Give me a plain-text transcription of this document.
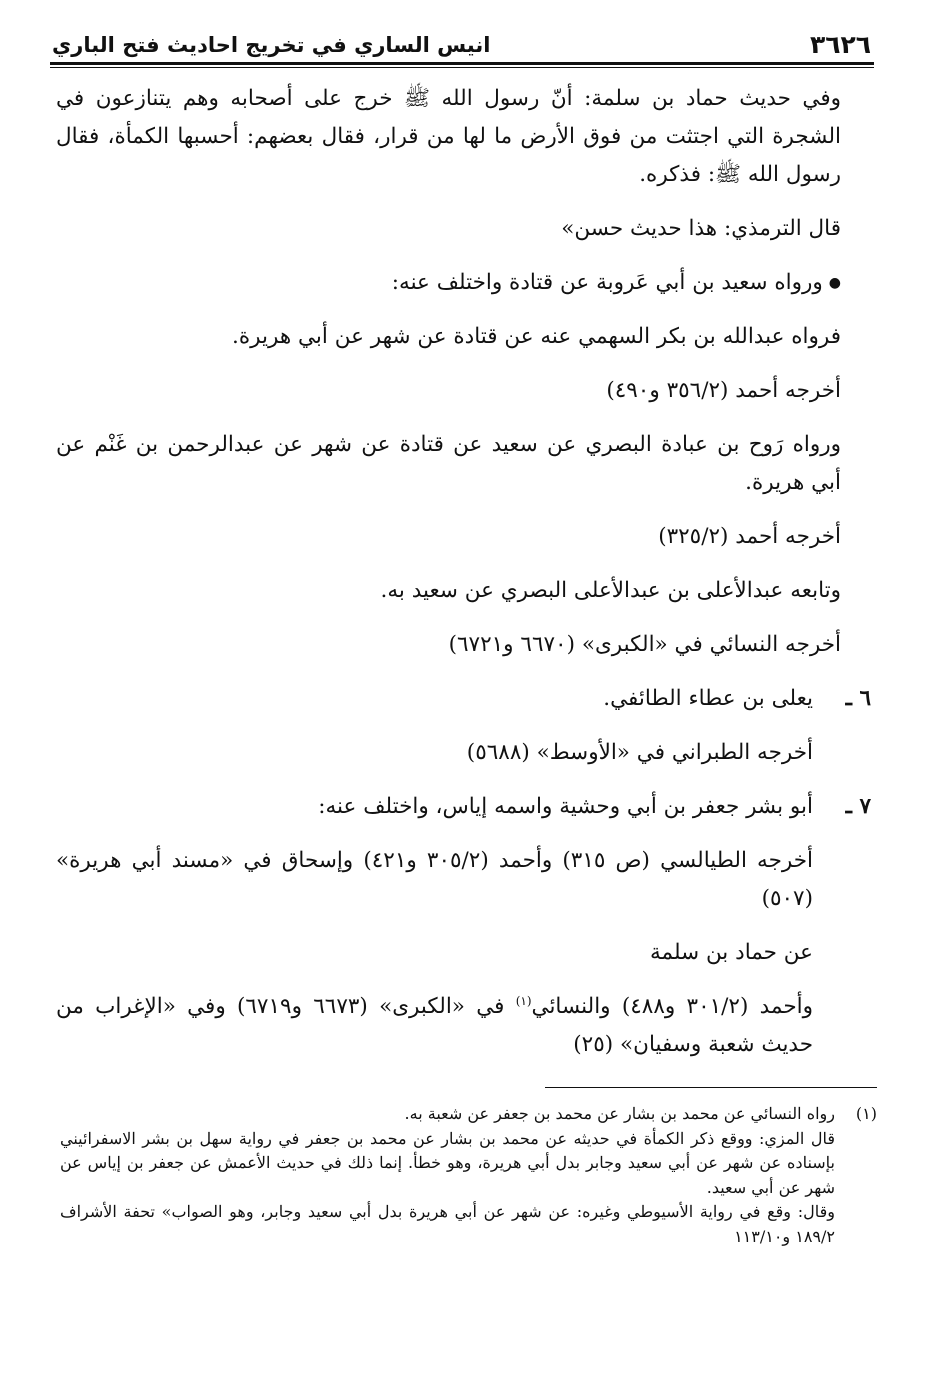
٣٦٢٦
انيس الساري في تخريج احاديث فتح الباري

وفي حديث حماد بن سلمة: أنّ رسول الله ﷺ خرج على أصحابه وهم يتنازعون في الشجرة التي اجتثت من فوق الأرض ما لها من قرار، فقال بعضهم: أحسبها الكمأة، فقال رسول الله ﷺ: فذكره.

قال الترمذي: هذا حديث حسن»

●ورواه سعيد بن أبي عَروبة عن قتادة واختلف عنه:

فرواه عبدالله بن بكر السهمي عنه عن قتادة عن شهر عن أبي هريرة.

أخرجه أحمد (٣٥٦/٢ و٤٩٠)

ورواه رَوح بن عبادة البصري عن سعيد عن قتادة عن شهر عن عبدالرحمن بن غَنْم عن أبي هريرة.

أخرجه أحمد (٣٢٥/٢)

وتابعه عبدالأعلى بن عبدالأعلى البصري عن سعيد به.

أخرجه النسائي في «الكبرى» (٦٦٧٠ و٦٧٢١)

٦ ـ
يعلى بن عطاء الطائفي.

أخرجه الطبراني في «الأوسط» (٥٦٨٨)

٧ ـ
أبو بشر جعفر بن أبي وحشية واسمه إياس، واختلف عنه:

أخرجه الطيالسي (ص ٣١٥) وأحمد (٣٠٥/٢ و٤٢١) وإسحاق في «مسند أبي هريرة» (٥٠٧)

عن حماد بن سلمة

وأحمد (٣٠١/٢ و٤٨٨) والنسائي$^{(١)}$ في «الكبرى» (٦٦٧٣ و٦٧١٩) وفي «الإغراب من حديث شعبة وسفيان» (٢٥)

(١)
رواه النسائي عن محمد بن بشار عن محمد بن جعفر عن شعبة به.

قال المزي: ووقع ذكر الكمأة في حديثه عن محمد بن بشار عن محمد بن جعفر في رواية سهل بن بشر الاسفرائيني بإسناده عن شهر عن أبي سعيد وجابر بدل أبي هريرة، وهو خطأ. إنما ذلك في حديث الأعمش عن جعفر بن إياس عن شهر عن أبي سعيد.

وقال: وقع في رواية الأسيوطي وغيره: عن شهر عن أبي هريرة بدل أبي سعيد وجابر، وهو الصواب» تحفة الأشراف ١٨٩/٢ و١١٣/١٠
